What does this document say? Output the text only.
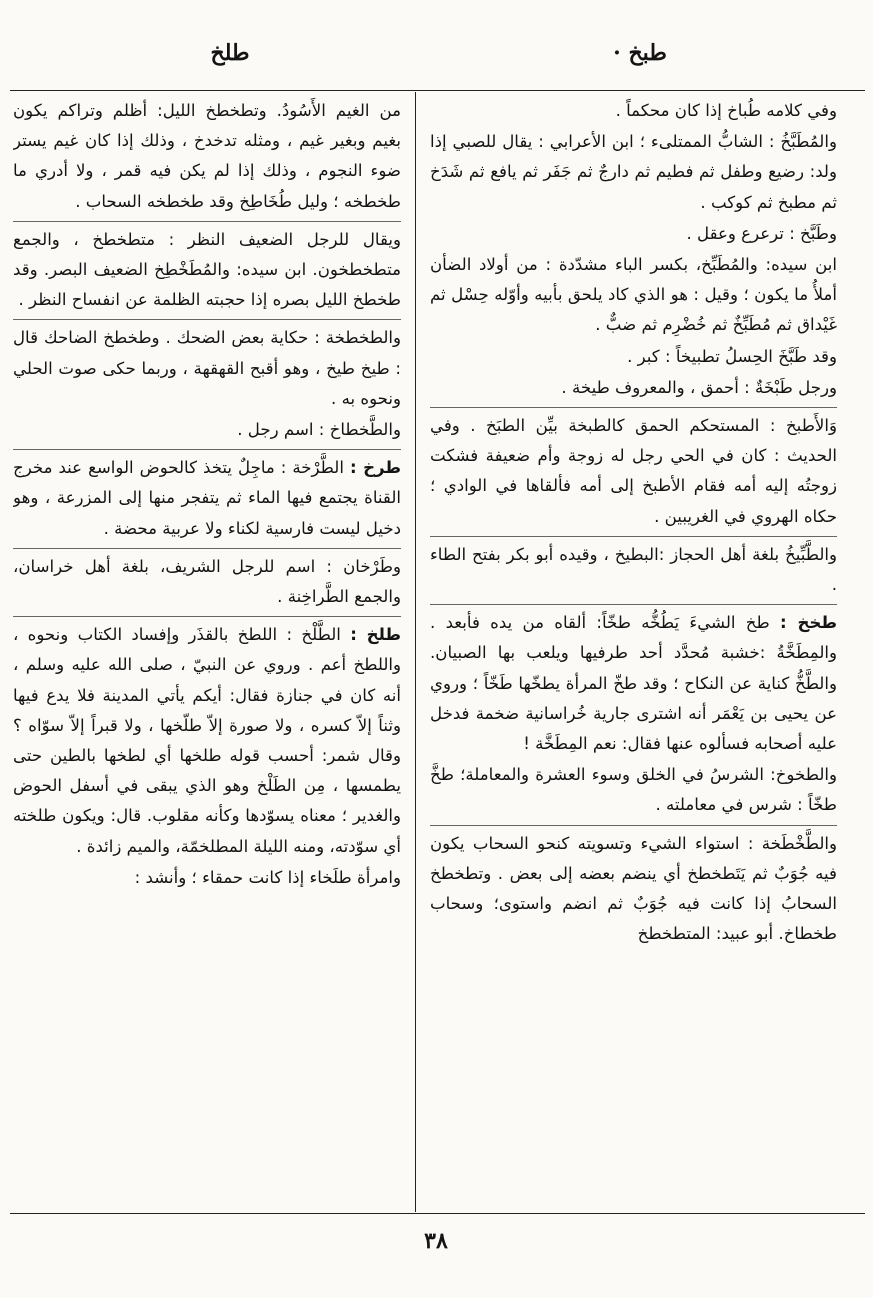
طبخ ·
طلخ

وفي كلامه طُباخ إذا كان محكماً .

والمُطَبَّخُ : الشابُّ الممتلىء ؛ ابن الأعرابي : يقال للصبي إذا ولد: رضيع وطفل ثم فطيم ثم دارجٌ ثم جَفَر ثم يافع ثم شَدَخ ثم مطبخ ثم كوكب .

وطَبَّخ : ترعرع وعقل .

ابن سيده: والمُطَبِّخ، بكسر الباء مشدّدة : من أولاد الضأن أملأُ ما يكون ؛ وقيل : هو الذي كاد يلحق بأبيه وأوّله حِسْل ثم غَيْداق ثم مُطَبِّخٌ ثم خُضْرِم ثم ضبٌّ .

وقد طَبَّخَ الحِسلُ تطبيخاً : كبر .

ورجل طَبْخَةٌ : أحمق ، والمعروف طيخة .

وَالأَطبخ : المستحكم الحمق كالطبخة بيِّن الطبَخ . وفي الحديث : كان في الحي رجل له زوجة وأم ضعيفة فشكت زوجتُه إليه أمه فقام الأطبخ إلى أمه فألقاها في الوادي ؛ حكاه الهروي في الغريبين .

والطَّبِّيخُ بلغة أهل الحجاز :البطيخ ، وقيده أبو بكر بفتح الطاء .

طخخ : طخ الشيءَ يَطُخُّه طخّاً: ألقاه من يده فأبعد . والمِطَخَّةُ :خشبة مُحدَّد أحد طرفيها ويلعب بها الصبيان. والطَّخُّ كناية عن النكاح ؛ وقد طخّ المرأة يطخّها طَخّاً ؛ وروي عن يحيى بن يَعْمَر أنه اشترى جارية خُراسانية ضخمة فدخل عليه أصحابه فسألوه عنها فقال: نعم المِطَخَّة !

والطخوخ: الشرسُ في الخلق وسوء العشرة والمعاملة؛ طخَّ طخّاً : شرس في معاملته .

والطَّخْطَخة : استواء الشيء وتسويته كنحو السحاب يكون فيه جُوَبٌ ثم يَتَطخطخ أي ينضم بعضه إلى بعض . وتطخطخ السحابُ إذا كانت فيه جُوَبٌ ثم انضم واستوى؛ وسحاب طخطاخ. أبو عبيد: المتطخطخ

من الغيم الأَسُودُ. وتطخطخ الليل: أظلم وتراكم يكون بغيم وبغير غيم ، ومثله تدخدخ ، وذلك إذا كان غيم يستر ضوء النجوم ، وذلك إذا لم يكن فيه قمر ، ولا أدري ما طخطخه ؛ وليل طُخَاطِخ وقد طخطخه السحاب .

ويقال للرجل الضعيف النظر : متطخطخ ، والجمع متطخطخون. ابن سيده: والمُطَخْطِخ الضعيف البصر. وقد طخطخ الليل بصره إذا حجبته الظلمة عن انفساح النظر .

والطخطخة : حكاية بعض الضحك . وطخطخ الضاحك قال : طيخ طيخ ، وهو أقبح القهقهة ، وربما حكى صوت الحلي ونحوه به .

والطَّخطاخ : اسم رجل .

طرخ : الطَّرْخة : ماجِلٌ يتخذ كالحوض الواسع عند مخرج القناة يجتمع فيها الماء ثم يتفجر منها إلى المزرعة ، وهو دخيل ليست فارسية لكناء ولا عربية محضة .

وطَرْخان : اسم للرجل الشريف، بلغة أهل خراسان، والجمع الطَّراخِنة .

طلخ : الطَّلْخ : اللطخ بالقذَر وإفساد الكتاب ونحوه ، واللطخ أعم . وروي عن النبيّ ، صلى الله عليه وسلم ، أنه كان في جنازة فقال: أيكم يأتي المدينة فلا يدع فيها وثناً إلاّ كسره ، ولا صورة إلاّ طلّخها ، ولا قبراً إلاّ سوّاه ؟ وقال شمر: أحسب قوله طلخها أي لطخها بالطين حتى يطمسها ، مِن الطَلْخ وهو الذي يبقى في أسفل الحوض والغدير ؛ معناه يسوّدها وكأنه مقلوب. قال: ويكون طلخته أي سوّدته، ومنه الليلة المطلخمّة، والميم زائدة .

وامرأة طلَخاء إذا كانت حمقاء ؛ وأنشد :

٣٨
